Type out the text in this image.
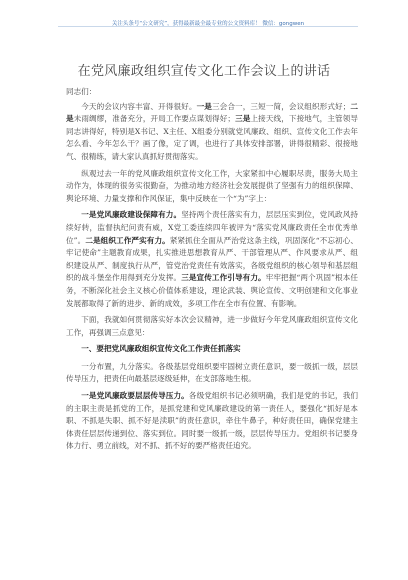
关注头条号“公文研究”，获得最新最全最专业的公文资料库！ 微信：gongwen
在党风廉政组织宣传文化工作会议上的讲话

同志们：

今天的会议内容丰富、开得很好。一是三会合一，三短一简，会议组织形式好；二是未雨绸缪，准备充分，开局工作要点谋划得好；三是上接天线，下接地气，主管领导同志讲得好，特别是X书记、X主任、X组委分别就党风廉政、组织、宣传文化工作去年怎么看、今年怎么干？画了像，定了调，也进行了具体安排部署，讲得很精彩、很接地气、很精练，请大家认真抓好贯彻落实。

纵观过去一年的党风廉政组织宣传文化工作，大家紧扣中心履职尽责，服务大局主动作为，体现的很务实很勤奋，为推动地方经济社会发展提供了坚强有力的组织保障、舆论环境、力量支撑和作风保证，集中反映在一个“为”字上：

一是党风廉政建设保障有力。坚持两个责任落实有力，层层压实到位，党风政风持续好转，监督执纪问责有威，X党工委连续四年被评为“落实党风廉政责任全市优秀单位”。二是组织工作严实有力。紧紧抓住全面从严治党这条主线，巩固深化“不忘初心、牢记使命”主题教育成果，扎实推进思想教育从严、干部管理从严、作风要求从严、组织建设从严、制度执行从严，管党治党责任有效落实，各级党组织的核心领导和基层组织的战斗堡垒作用得到充分发挥。三是宣传工作引导有力。牢牢把握“两个巩固”根本任务，不断深化社会主义核心价值体系建设，理论武装、舆论宣传、文明创建和文化事业发展都取得了新的进步、新的成效，多项工作在全市有位置、有影响。

下面，我就如何贯彻落实好本次会议精神，进一步做好今年党风廉政组织宣传文化工作，再强调三点意见：

一、要把党风廉政组织宣传文化工作责任抓落实

一分布置，九分落实。各级基层党组织要牢固树立责任意识，要一级抓一级，层层传导压力，把责任向最基层逐级延伸，在支部落地生根。

一是党风廉政要层层传导压力。各级党组织书记必须明确，我们是党的书记，我们的主职主责是抓党的工作，是抓党建和党风廉政建设的第一责任人，要强化“抓好是本职、不抓是失职、抓不好是渎职”的责任意识，牵住牛鼻子，种好责任田，确保党建主体责任层层传递到位、落实到位。同时要一级抓一级，层层传导压力。党组织书记要身体力行、勇立前线，对不抓、抓不好的要严格责任追究。
